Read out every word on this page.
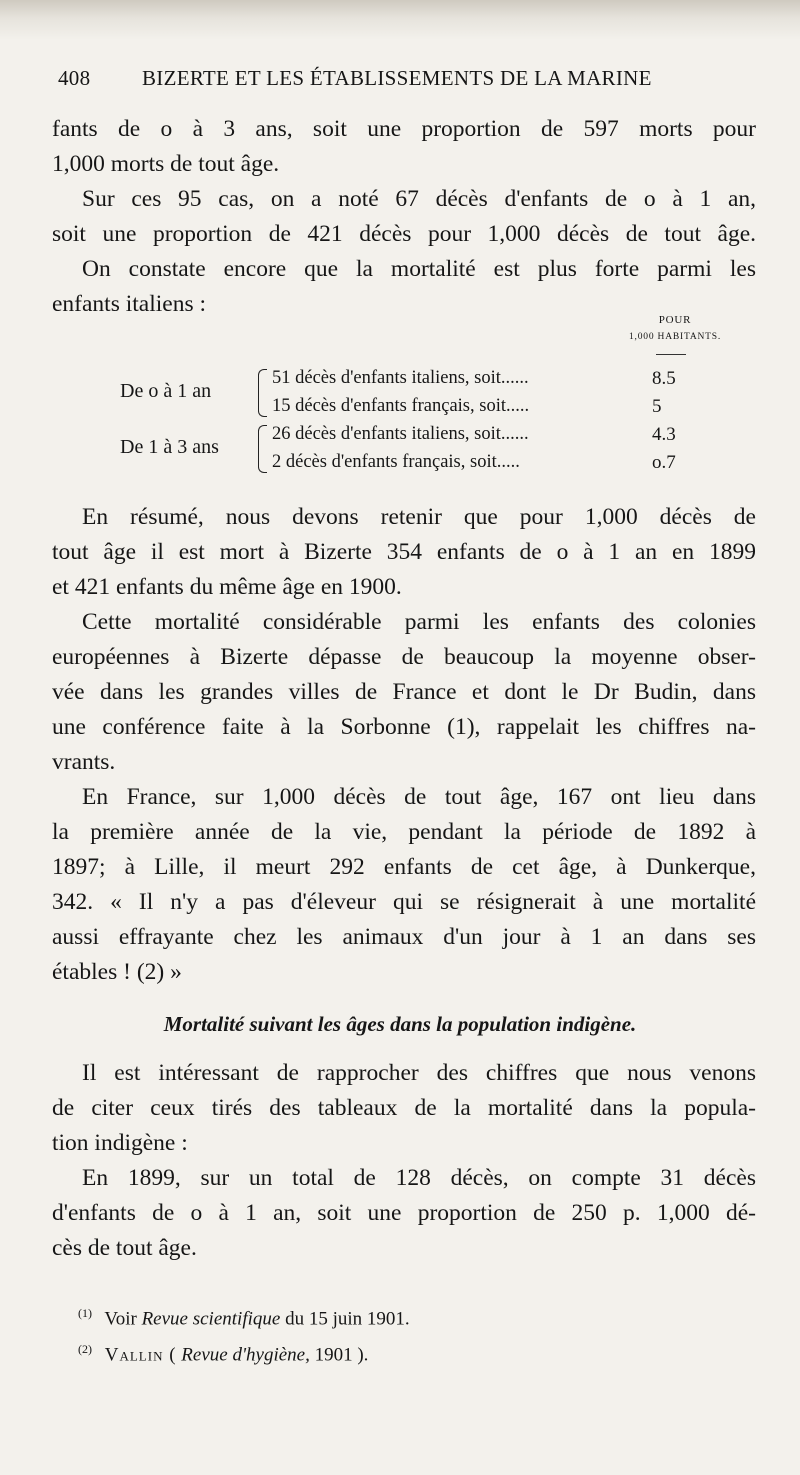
408 BIZERTE ET LES ÉTABLISSEMENTS DE LA MARINE
fants de o à 3 ans, soit une proportion de 597 morts pour
1,000 morts de tout âge.
Sur ces 95 cas, on a noté 67 décès d'enfants de o à 1 an,
soit une proportion de 421 décès pour 1,000 décès de tout âge.
On constate encore que la mortalité est plus forte parmi les
enfants italiens :
POUR
1,000 HABITANTS.
De o à 1 an
51 décès d'enfants italiens, soit......	8.5
15 décès d'enfants français, soit.....	5
De 1 à 3 ans
26 décès d'enfants italiens, soit......	4.3
2 décès d'enfants français, soit.....	o.7
En résumé, nous devons retenir que pour 1,000 décès de
tout âge il est mort à Bizerte 354 enfants de o à 1 an en 1899
et 421 enfants du même âge en 1900.
Cette mortalité considérable parmi les enfants des colonies
européennes à Bizerte dépasse de beaucoup la moyenne obser-
vée dans les grandes villes de France et dont le Dr Budin, dans
une conférence faite à la Sorbonne (1), rappelait les chiffres na-
vrants.
En France, sur 1,000 décès de tout âge, 167 ont lieu dans
la première année de la vie, pendant la période de 1892 à
1897; à Lille, il meurt 292 enfants de cet âge, à Dunkerque,
342. « Il n'y a pas d'éleveur qui se résignerait à une mortalité
aussi effrayante chez les animaux d'un jour à 1 an dans ses
étables ! (2) »
Mortalité suivant les âges dans la population indigène.
Il est intéressant de rapprocher des chiffres que nous venons
de citer ceux tirés des tableaux de la mortalité dans la popula-
tion indigène :
En 1899, sur un total de 128 décès, on compte 31 décès
d'enfants de o à 1 an, soit une proportion de 250 p. 1,000 dé-
cès de tout âge.
$^{(1)}$ Voir Revue scientifique du 15 juin 1901.
$^{(2)}$ Vallin ( Revue d'hygiène, 1901 ).
